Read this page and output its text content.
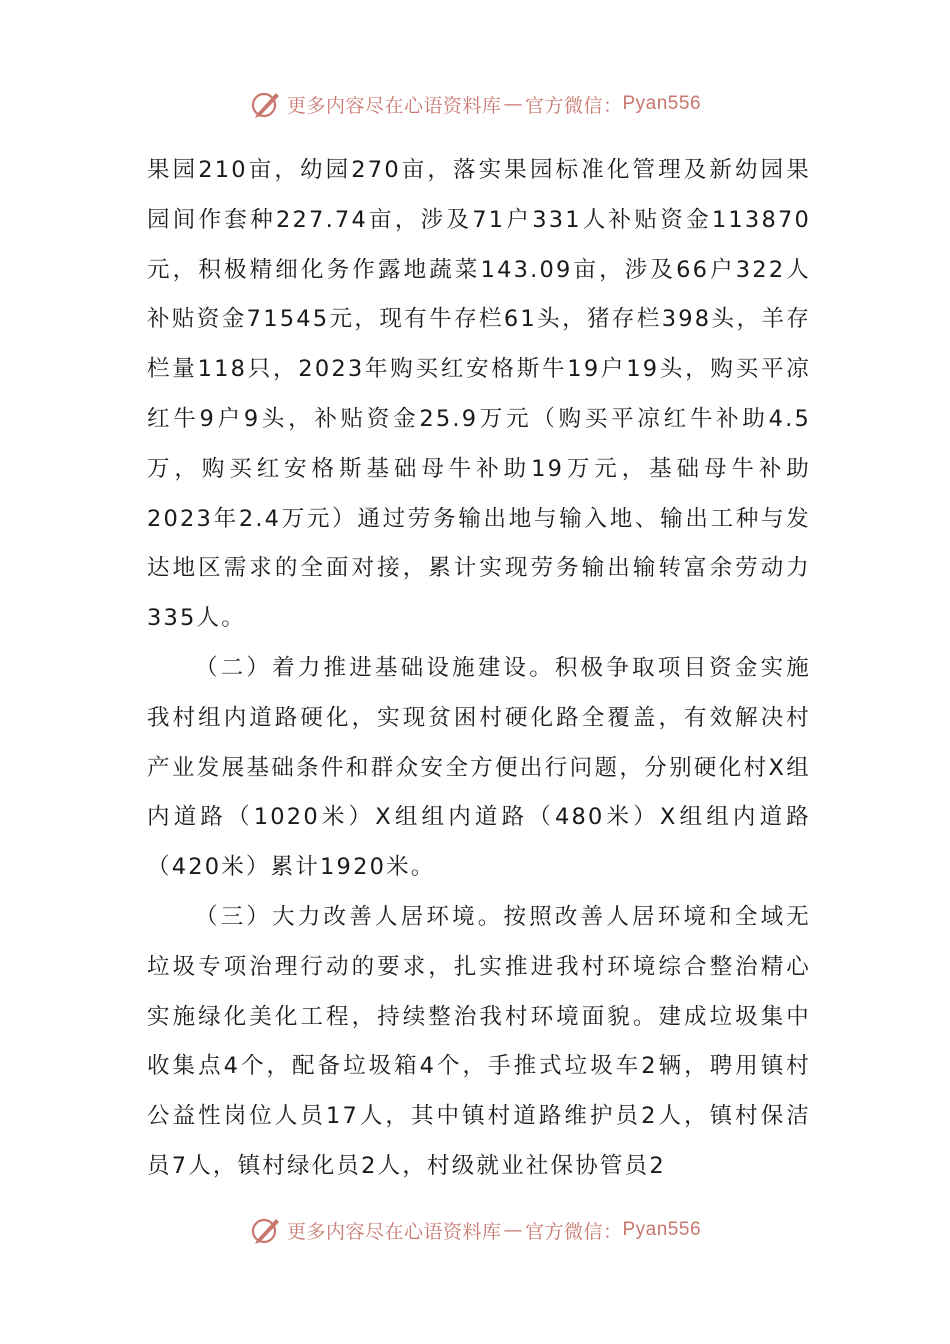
更多内容尽在心语资料库 — 官方微信： Pyan556

果园210亩，幼园270亩，落实果园标准化管理及新幼园果园间作套种227.74亩，涉及71户331人补贴资金113870元，积极精细化务作露地蔬菜143.09亩，涉及66户322人补贴资金71545元，现有牛存栏61头，猪存栏398头，羊存栏量118只，2023年购买红安格斯牛19户19头，购买平凉红牛9户9头，补贴资金25.9万元（购买平凉红牛补助4.5万，购买红安格斯基础母牛补助19万元，基础母牛补助2023年2.4万元）通过劳务输出地与输入地、输出工种与发达地区需求的全面对接，累计实现劳务输出输转富余劳动力335人。

（二）着力推进基础设施建设。积极争取项目资金实施我村组内道路硬化，实现贫困村硬化路全覆盖，有效解决村产业发展基础条件和群众安全方便出行问题，分别硬化村X组内道路（1020米）X组组内道路（480米）X组组内道路（420米）累计1920米。

（三）大力改善人居环境。按照改善人居环境和全域无垃圾专项治理行动的要求，扎实推进我村环境综合整治精心实施绿化美化工程，持续整治我村环境面貌。建成垃圾集中收集点4个，配备垃圾箱4个，手推式垃圾车2辆，聘用镇村公益性岗位人员17人，其中镇村道路维护员2人，镇村保洁员7人，镇村绿化员2人，村级就业社保协管员2

更多内容尽在心语资料库 — 官方微信： Pyan556
